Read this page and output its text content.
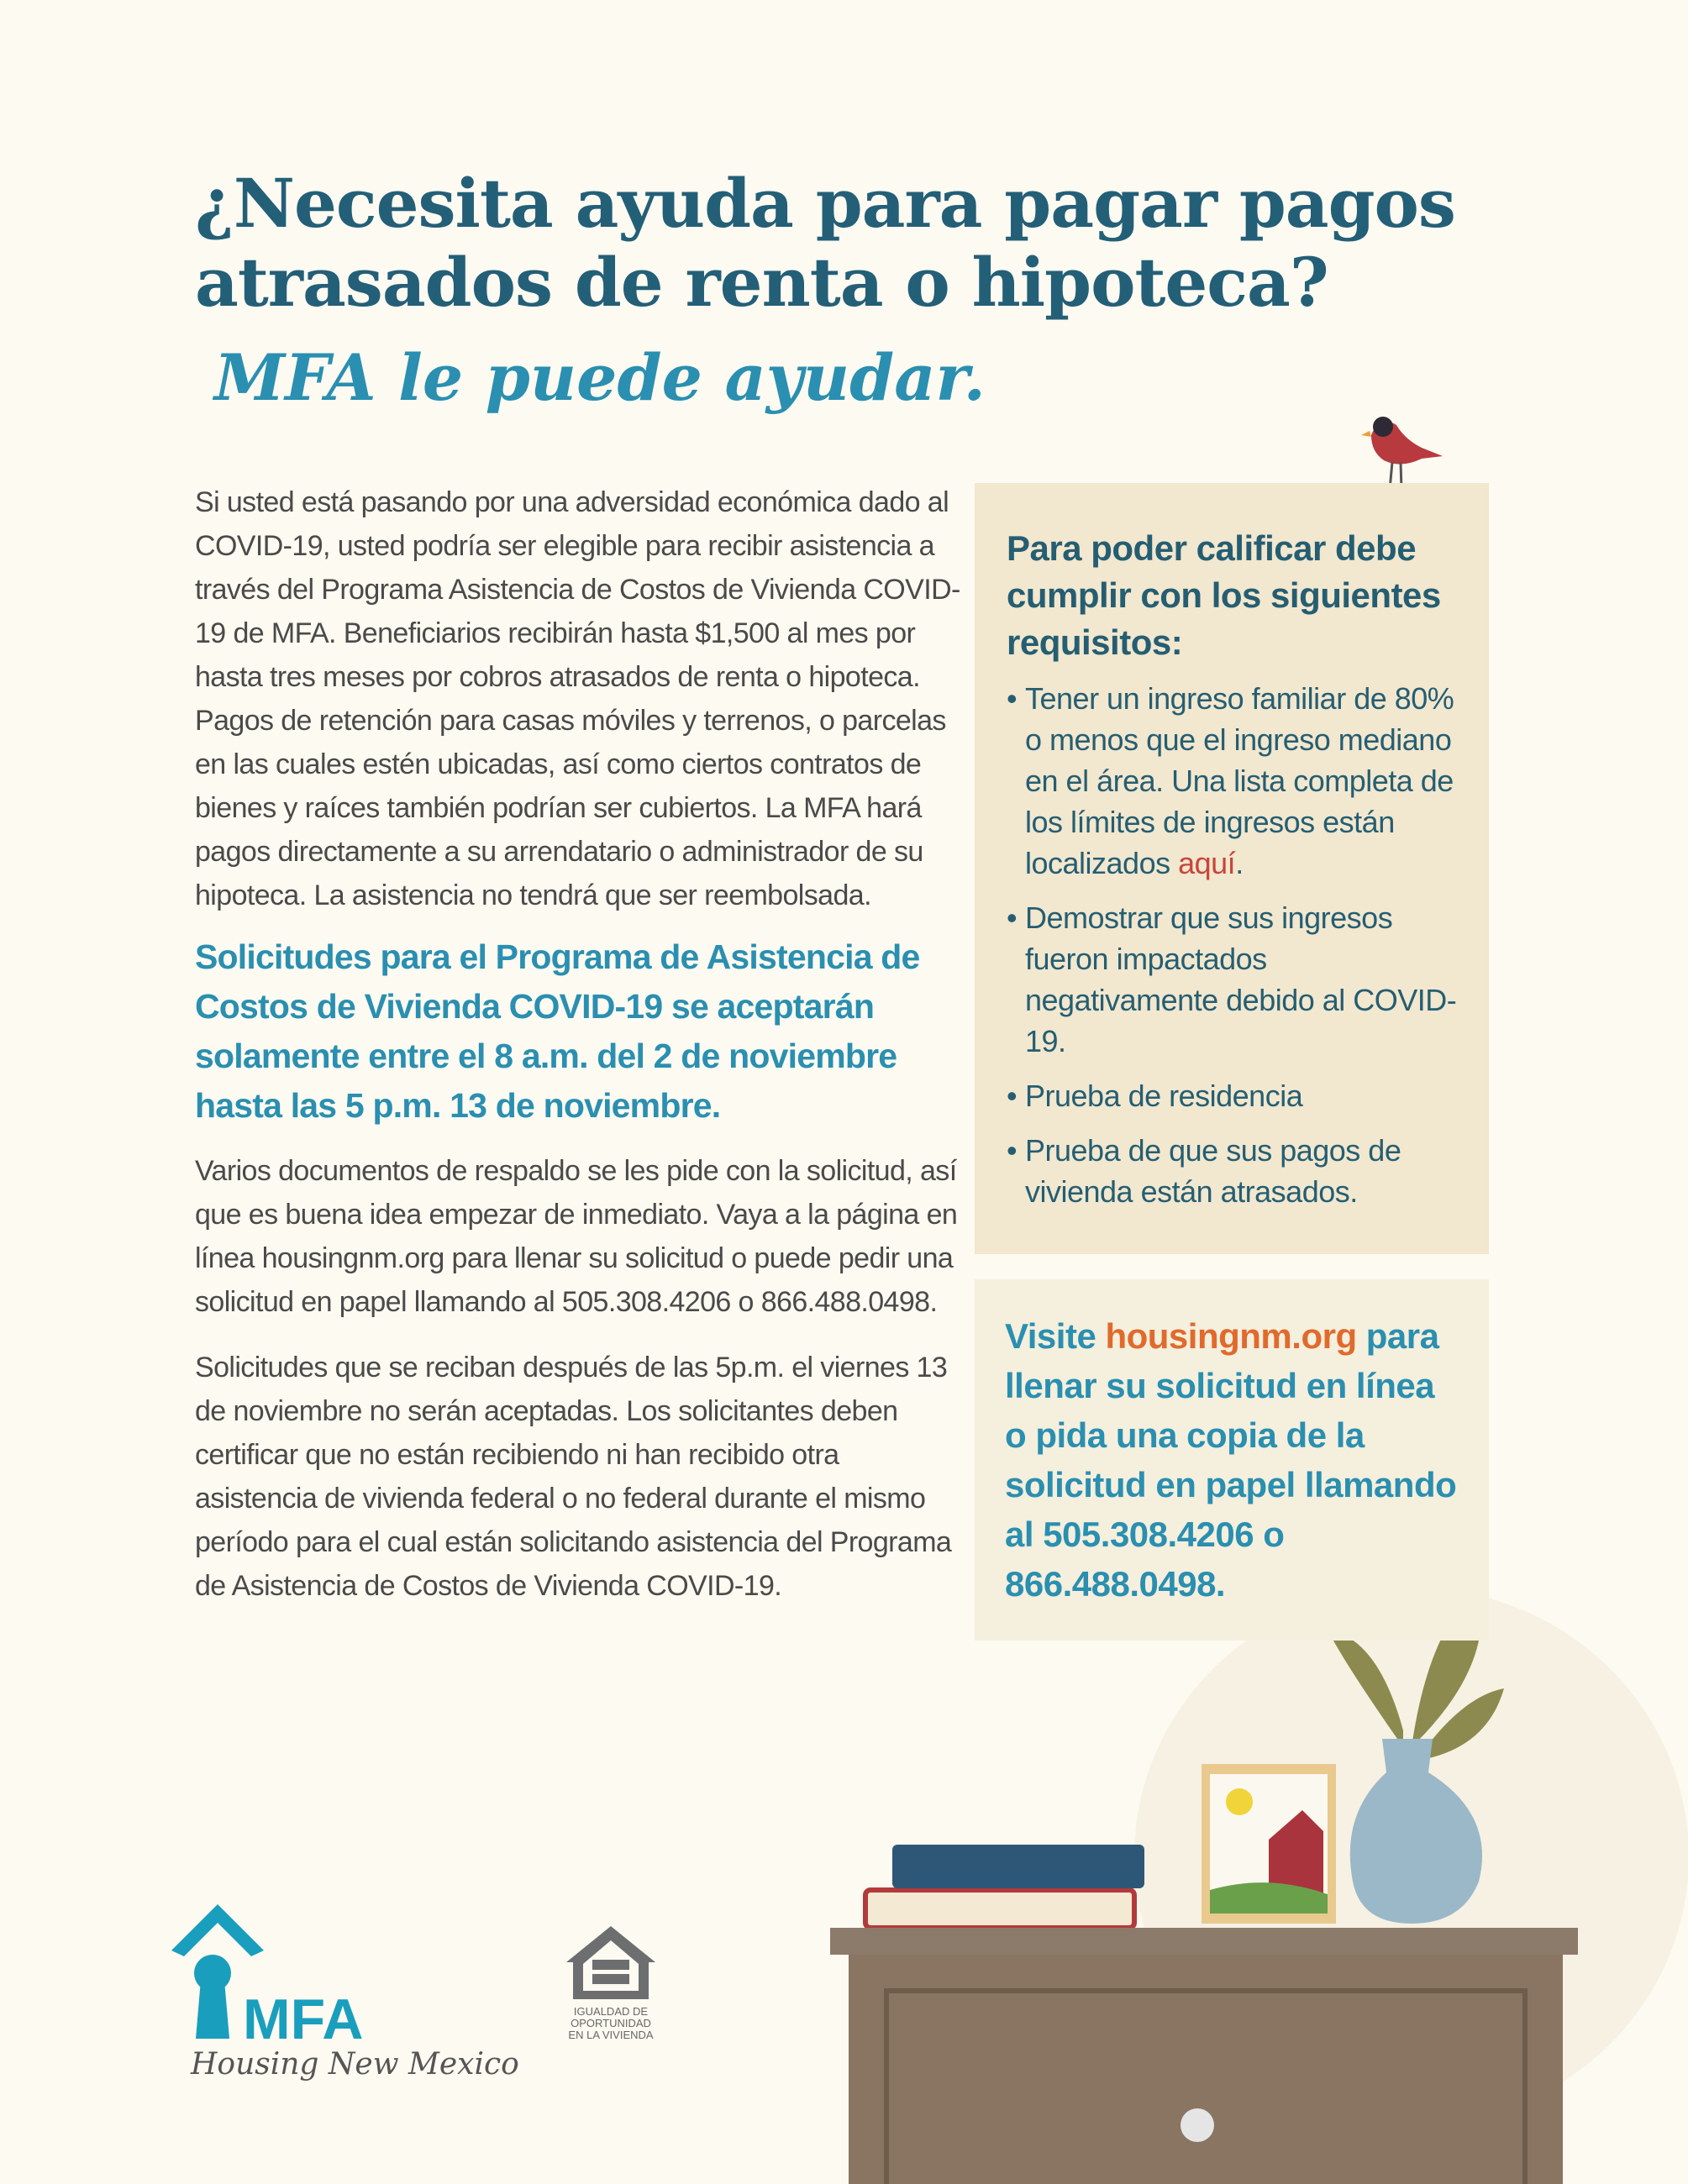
¿Necesita ayuda para pagar pagos
atrasados de renta o hipoteca?
MFA le puede ayudar.

Si usted está pasando por una adversidad económica dado al COVID-19, usted podría ser elegible para recibir asistencia a través del Programa Asistencia de Costos de Vivienda COVID-19 de MFA. Beneficiarios recibirán hasta $1,500 al mes por hasta tres meses por cobros atrasados de renta o hipoteca. Pagos de retención para casas móviles y terrenos, o parcelas en las cuales estén ubicadas, así como ciertos contratos de bienes y raíces también podrían ser cubiertos. La MFA hará pagos directamente a su arrendatario o administrador de su hipoteca. La asistencia no tendrá que ser reembolsada.

Solicitudes para el Programa de Asistencia de Costos de Vivienda COVID-19 se aceptarán solamente entre el 8 a.m. del 2 de noviembre hasta las 5 p.m. 13 de noviembre.

Varios documentos de respaldo se les pide con la solicitud, así que es buena idea empezar de inmediato. Vaya a la página en línea housingnm.org para llenar su solicitud o puede pedir una solicitud en papel llamando al 505.308.4206 o 866.488.0498.

Solicitudes que se reciban después de las 5p.m. el viernes 13 de noviembre no serán aceptadas. Los solicitantes deben certificar que no están recibiendo ni han recibido otra asistencia de vivienda federal o no federal durante el mismo período para el cual están solicitando asistencia del Programa de Asistencia de Costos de Vivienda COVID-19.

Para poder calificar debe cumplir con los siguientes requisitos:
• Tener un ingreso familiar de 80% o menos que el ingreso mediano en el área. Una lista completa de los límites de ingresos están localizados aquí.
• Demostrar que sus ingresos fueron impactados negativamente debido al COVID-19.
• Prueba de residencia
• Prueba de que sus pagos de vivienda están atrasados.
Visite housingnm.org para llenar su solicitud en línea o pida una copia de la solicitud en papel llamando al 505.308.4206 o 866.488.0498.
MFA
Housing New Mexico
IGUALDAD DE
OPORTUNIDAD
EN LA VIVIENDA
